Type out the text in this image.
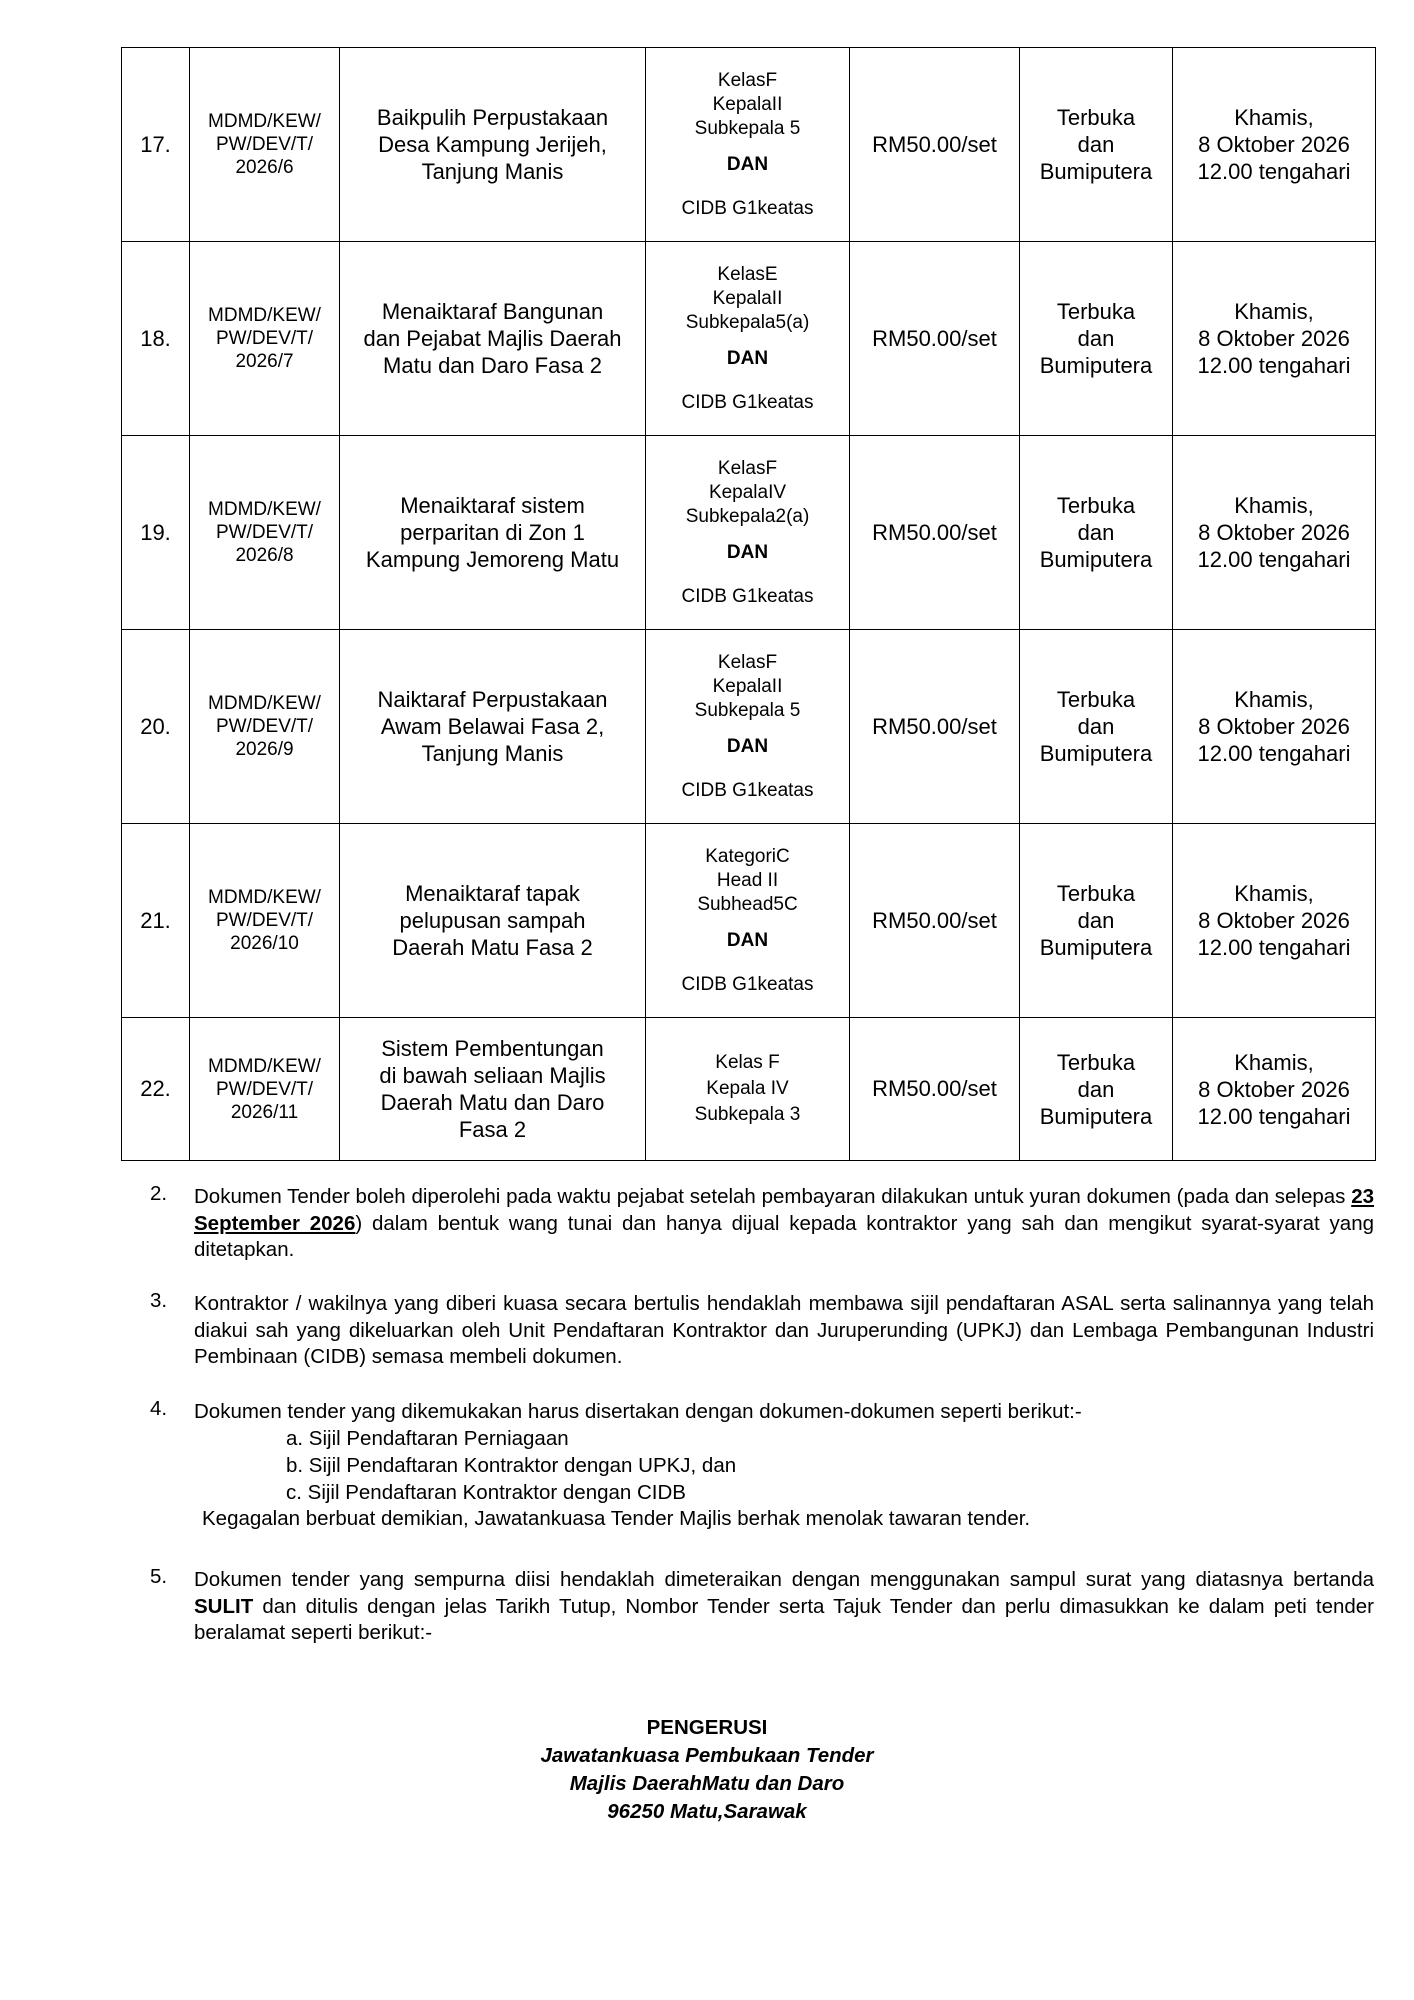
17.	MDMD/KEW/
PW/DEV/T/
2026/6	Baikpulih Perpustakaan
Desa Kampung Jerijeh,
Tanjung Manis	KelasF
KepalaII
Subkepala 5
DAN
CIDB G1keatas	RM50.00/set	Terbuka
dan
Bumiputera	Khamis,
8 Oktober 2026
12.00 tengahari

18.	MDMD/KEW/
PW/DEV/T/
2026/7	Menaiktaraf Bangunan
dan Pejabat Majlis Daerah
Matu dan Daro Fasa 2	KelasE
KepalaII
Subkepala5(a)
DAN
CIDB G1keatas	RM50.00/set	Terbuka
dan
Bumiputera	Khamis,
8 Oktober 2026
12.00 tengahari

19.	MDMD/KEW/
PW/DEV/T/
2026/8	Menaiktaraf sistem
perparitan di Zon 1
Kampung Jemoreng Matu	KelasF
KepalaIV
Subkepala2(a)
DAN
CIDB G1keatas	RM50.00/set	Terbuka
dan
Bumiputera	Khamis,
8 Oktober 2026
12.00 tengahari

20.	MDMD/KEW/
PW/DEV/T/
2026/9	Naiktaraf Perpustakaan
Awam Belawai Fasa 2,
Tanjung Manis	KelasF
KepalaII
Subkepala 5
DAN
CIDB G1keatas	RM50.00/set	Terbuka
dan
Bumiputera	Khamis,
8 Oktober 2026
12.00 tengahari

21.	MDMD/KEW/
PW/DEV/T/
2026/10	Menaiktaraf tapak
pelupusan sampah
Daerah Matu Fasa 2	KategoriC
Head II
Subhead5C
DAN
CIDB G1keatas	RM50.00/set	Terbuka
dan
Bumiputera	Khamis,
8 Oktober 2026
12.00 tengahari

22.	MDMD/KEW/
PW/DEV/T/
2026/11	Sistem Pembentungan
di bawah seliaan Majlis
Daerah Matu dan Daro
Fasa 2	Kelas F
Kepala IV
Subkepala 3	RM50.00/set	Terbuka
dan
Bumiputera	Khamis,
8 Oktober 2026
12.00 tengahari
2. Dokumen Tender boleh diperolehi pada waktu pejabat setelah pembayaran dilakukan untuk yuran dokumen (pada dan selepas 23 September 2026) dalam bentuk wang tunai dan hanya dijual kepada kontraktor yang sah dan mengikut syarat-syarat yang ditetapkan.
3. Kontraktor / wakilnya yang diberi kuasa secara bertulis hendaklah membawa sijil pendaftaran ASAL serta salinannya yang telah diakui sah yang dikeluarkan oleh Unit Pendaftaran Kontraktor dan Juruperunding (UPKJ) dan Lembaga Pembangunan Industri Pembinaan (CIDB) semasa membeli dokumen.
4. Dokumen tender yang dikemukakan harus disertakan dengan dokumen-dokumen seperti berikut:-
a. Sijil Pendaftaran Perniagaan
b. Sijil Pendaftaran Kontraktor dengan UPKJ, dan
c. Sijil Pendaftaran Kontraktor dengan CIDB
Kegagalan berbuat demikian, Jawatankuasa Tender Majlis berhak menolak tawaran tender.
5. Dokumen tender yang sempurna diisi hendaklah dimeteraikan dengan menggunakan sampul surat yang diatasnya bertanda SULIT dan ditulis dengan jelas Tarikh Tutup, Nombor Tender serta Tajuk Tender dan perlu dimasukkan ke dalam peti tender beralamat seperti berikut:-
PENGERUSI
Jawatankuasa Pembukaan Tender
Majlis DaerahMatu dan Daro
96250 Matu,Sarawak
